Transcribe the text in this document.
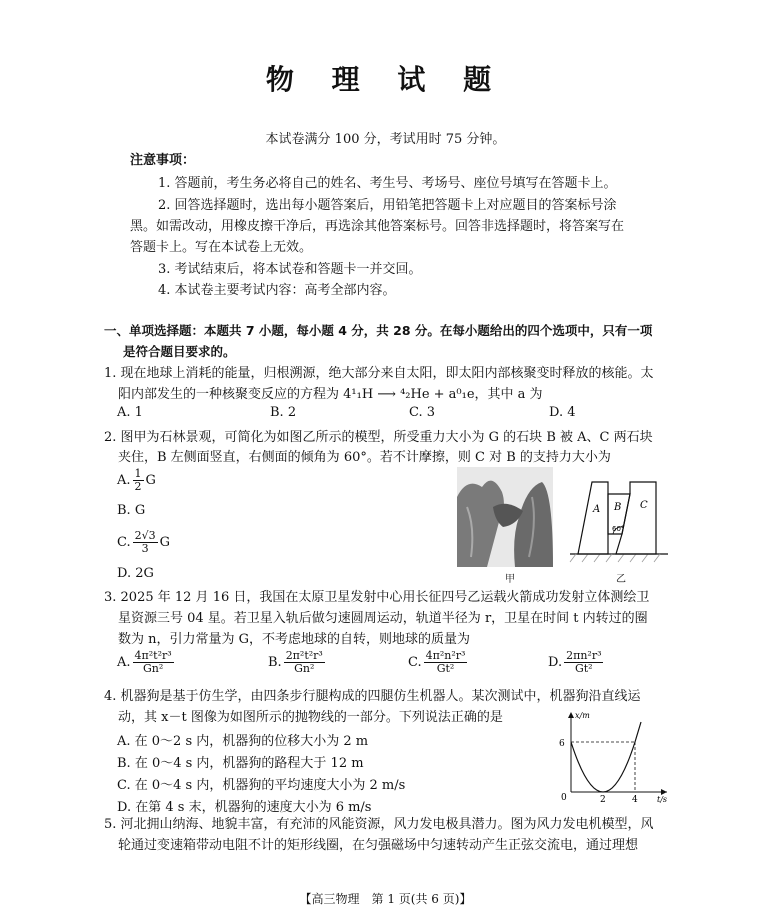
物 理 试 题
本试卷满分 100 分，考试用时 75 分钟。
注意事项：
1. 答题前，考生务必将自己的姓名、考生号、考场号、座位号填写在答题卡上。
2. 回答选择题时，选出每小题答案后，用铅笔把答题卡上对应题目的答案标号涂
黑。如需改动，用橡皮擦干净后，再选涂其他答案标号。回答非选择题时，将答案写在
答题卡上。写在本试卷上无效。
3. 考试结束后，将本试卷和答题卡一并交回。
4. 本试卷主要考试内容：高考全部内容。
一、单项选择题：本题共 7 小题，每小题 4 分，共 28 分。在每小题给出的四个选项中，只有一项
是符合题目要求的。
1. 现在地球上消耗的能量，归根溯源，绝大部分来自太阳，即太阳内部核聚变时释放的核能。太
阳内部发生的一种核聚变反应的方程为 4¹₁H ⟶ ⁴₂He + a⁰₁e，其中 a 为
A. 1	B. 2	C. 3	D. 4
2. 图甲为石林景观，可简化为如图乙所示的模型，所受重力大小为 G 的石块 B 被 A、C 两石块
夹住，B 左侧面竖直，右侧面的倾角为 60°。若不计摩擦，则 C 对 B 的支持力大小为
A. $\frac{1}{2}$ G
B. G
C. $\frac{2√3}{3}$ G
D. 2G	甲
A B C
60°
乙
3. 2025 年 12 月 16 日，我国在太原卫星发射中心用长征四号乙运载火箭成功发射立体测绘卫
星资源三号 04 星。若卫星入轨后做匀速圆周运动，轨道半径为 r，卫星在时间 t 内转过的圈
数为 n，引力常量为 G，不考虑地球的自转，则地球的质量为
A. $\frac{\text{4π²t²r³}}{\text{Gn²}}$	B. $\frac{\text{2π²t²r³}}{\text{Gn²}}$	C. $\frac{\text{4π²n²r³}}{\text{Gt²}}$	D. $\frac{\text{2πn²r³}}{\text{Gt²}}$
4. 机器狗是基于仿生学，由四条步行腿构成的四腿仿生机器人。某次测试中，机器狗沿直线运
动，其 x－t 图像为如图所示的抛物线的一部分。下列说法正确的是
A. 在 0～2 s 内，机器狗的位移大小为 2 m
B. 在 0～4 s 内，机器狗的路程大于 12 m
C. 在 0～4 s 内，机器狗的平均速度大小为 2 m/s
D. 在第 4 s 末，机器狗的速度大小为 6 m/s
x/m
6
0	2	4 t/s
5. 河北拥山纳海、地貌丰富，有充沛的风能资源，风力发电极具潜力。图为风力发电机模型，风
轮通过变速箱带动电阻不计的矩形线圈，在匀强磁场中匀速转动产生正弦交流电，通过理想
【高三物理　第 1 页(共 6 页)】
